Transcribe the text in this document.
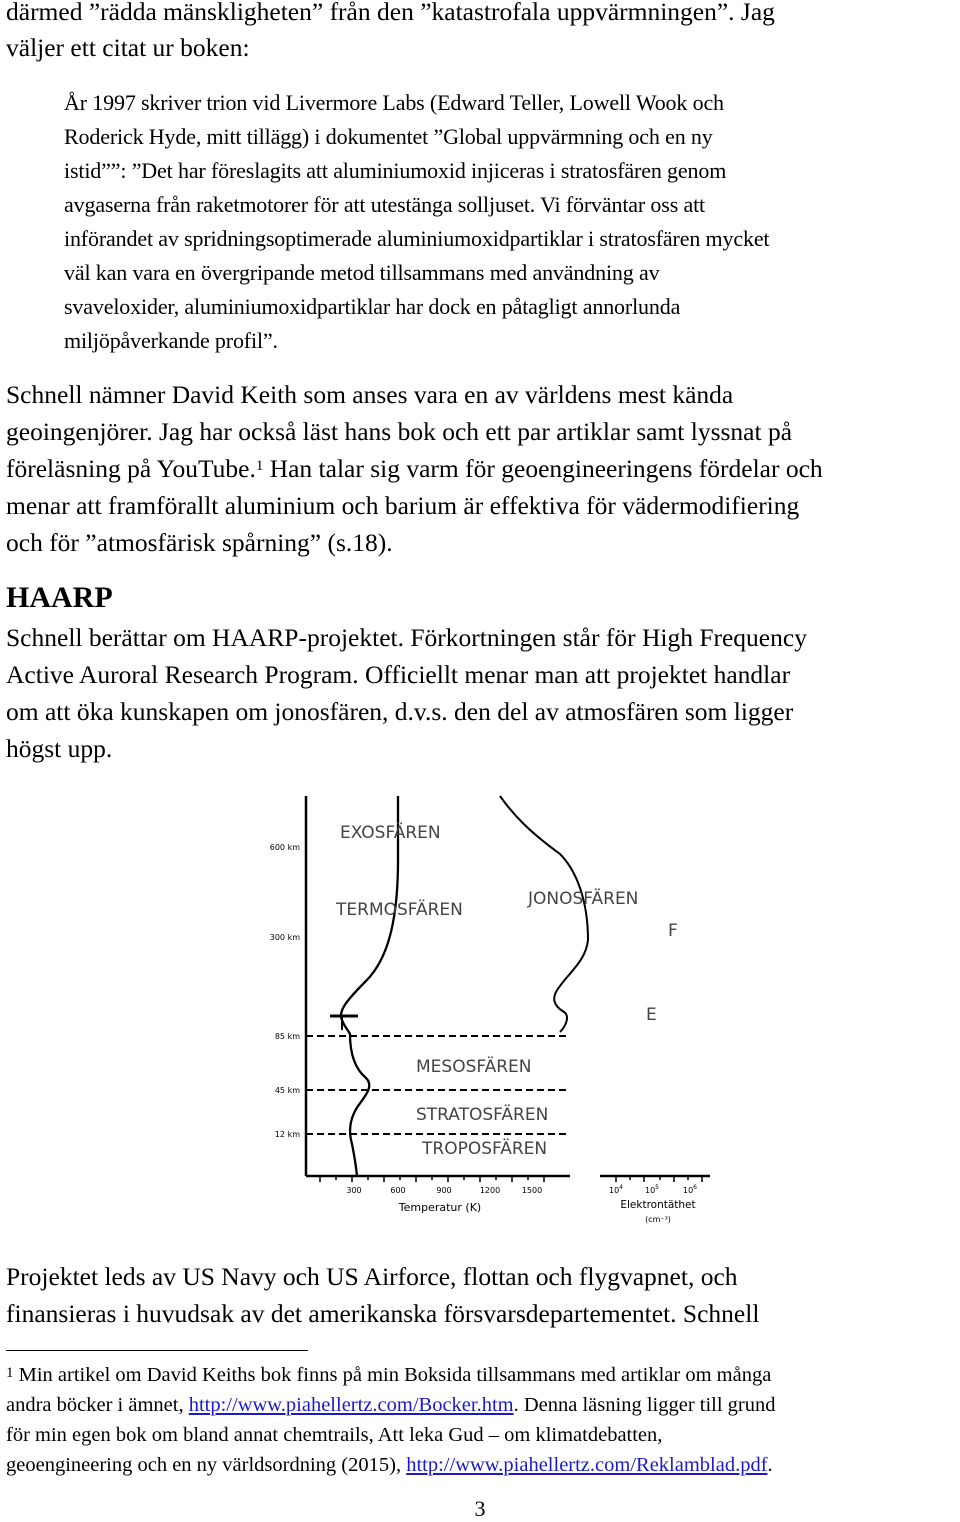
därmed ”rädda mänskligheten” från den ”katastrofala uppvärmningen”. Jag
väljer ett citat ur boken:

År 1997 skriver trion vid Livermore Labs (Edward Teller, Lowell Wook och
Roderick Hyde, mitt tillägg) i dokumentet ”Global uppvärmning och en ny
istid””: ”Det har föreslagits att aluminiumoxid injiceras i stratosfären genom
avgaserna från raketmotorer för att utestänga solljuset. Vi förväntar oss att
införandet av spridningsoptimerade aluminiumoxidpartiklar i stratosfären mycket
väl kan vara en övergripande metod tillsammans med användning av
svaveloxider, aluminiumoxidpartiklar har dock en påtagligt annorlunda
miljöpåverkande profil”.

Schnell nämner David Keith som anses vara en av världens mest kända
geoingenjörer. Jag har också läst hans bok och ett par artiklar samt lyssnat på
föreläsning på YouTube.$^1$ Han talar sig varm för geoengineeringens fördelar och
menar att framförallt aluminium och barium är effektiva för vädermodifiering
och för ”atmosfärisk spårning” (s.18).

HAARP

Schnell berättar om HAARP-projektet. Förkortningen står för High Frequency
Active Auroral Research Program. Officiellt menar man att projektet handlar
om att öka kunskapen om jonosfären, d.v.s. den del av atmosfären som ligger
högst upp.

600 km
300 km
85 km
45 km
12 km
EXOSFÄREN
TERMOSFÄREN
JONOSFÄREN
F
E
MESOSFÄREN
STRATOSFÄREN
TROPOSFÄREN
300	600	900	1200	1500
Temperatur (K)
$10^4$	$10^5$	$10^6$
Elektrontäthet
(cm⁻³)

Projektet leds av US Navy och US Airforce, flottan och flygvapnet, och
finansieras i huvudsak av det amerikanska försvarsdepartementet. Schnell

$^1$ Min artikel om David Keiths bok finns på min Boksida tillsammans med artiklar om många
andra böcker i ämnet, http://www.piahellertz.com/Bocker.htm. Denna läsning ligger till grund
för min egen bok om bland annat chemtrails, Att leka Gud – om klimatdebatten,
geoengineering och en ny världsordning (2015), http://www.piahellertz.com/Reklamblad.pdf.

3
